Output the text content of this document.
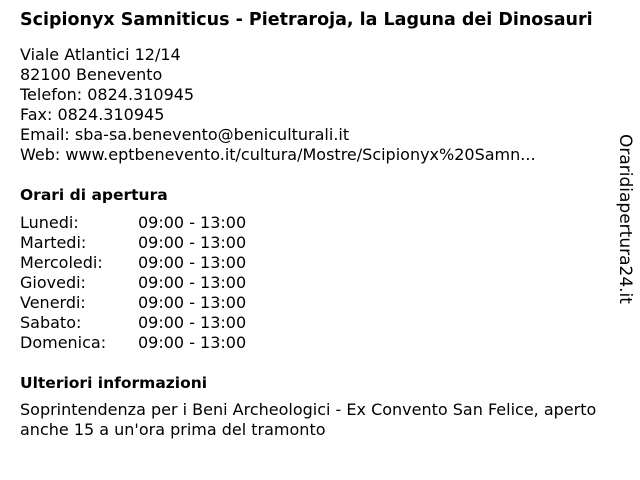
Scipionyx Samniticus - Pietraroja, la Laguna dei Dinosauri
Viale Atlantici 12/14
82100 Benevento
Telefon: 0824.310945
Fax: 0824.310945
Email: sba-sa.benevento@beniculturali.it
Web: www.eptbenevento.it/cultura/Mostre/Scipionyx%20Samn...
Orari di apertura
Lunedi:	09:00 - 13:00
Martedi:	09:00 - 13:00
Mercoledi:	09:00 - 13:00
Giovedi:	09:00 - 13:00
Venerdi:	09:00 - 13:00
Sabato:	09:00 - 13:00
Domenica:	09:00 - 13:00
Ulteriori informazioni
Soprintendenza per i Beni Archeologici - Ex Convento San Felice, aperto anche 15 a un'ora prima del tramonto
Oraridiapertura24.it
